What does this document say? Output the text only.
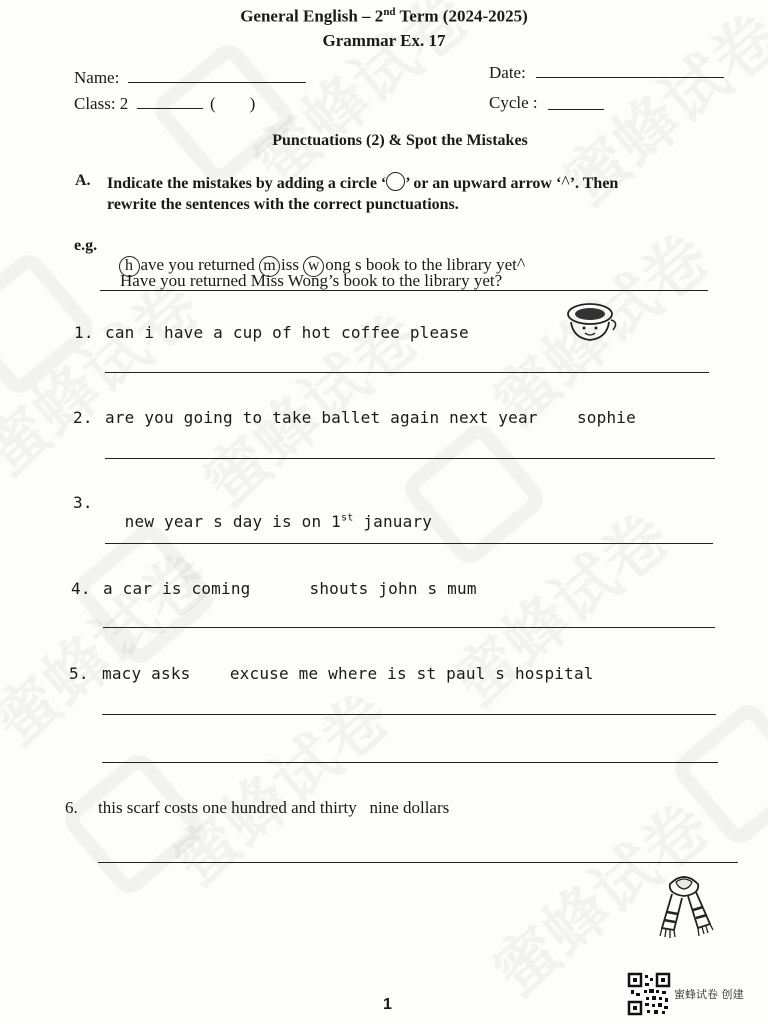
General English – 2nd Term (2024-2025)
Grammar Ex. 17
Name:	Date:
Class: 2	(        )	Cycle :
Punctuations (2) & Spot the Mistakes
A. Indicate the mistakes by adding a circle ‘ ’ or an upward arrow ‘^’. Then
rewrite the sentences with the correct punctuations.
e.g.

h ave you returned m iss w ong s book to the library yet^

Have you returned Miss Wong’s book to the library yet?
1. can i have a cup of hot coffee please
2. are you going to take ballet again next year    sophie
3.

new year s day is on 1st january

4. a car is coming      shouts john s mum
5. macy asks    excuse me where is st paul s hospital
6. this scarf costs one hundred and thirty   nine dollars
1
蜜蜂试卷 创建
